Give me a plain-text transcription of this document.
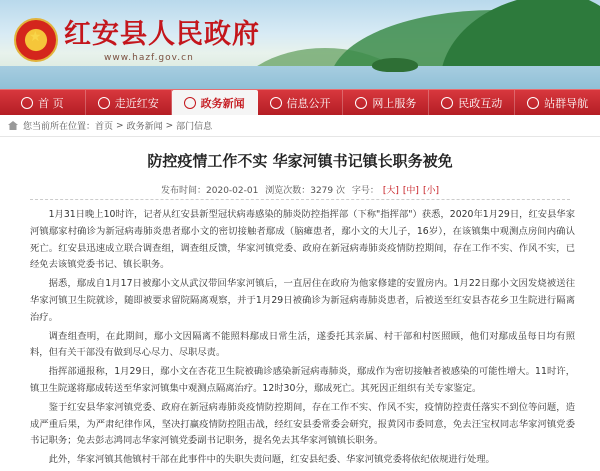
★ 红安县人民政府
www.hazf.gov.cn
首 页	走近红安	政务新闻	信息公开	网上服务	民政互动	站群导航
您当前所在位置： 首页 > 政务新闻 > 部门信息
防控疫情工作不实 华家河镇书记镇长职务被免
发布时间：2020-02-01 浏览次数：3279 次 字号： [大] [中] [小]

1月31日晚上10时许，记者从红安县新型冠状病毒感染的肺炎防控指挥部（下称"指挥部"）获悉，2020年1月29日，红安县华家河镇鄢家村确诊为新冠病毒肺炎患者鄢小文的密切接触者鄢成（脑瘫患者，鄢小文的大儿子，16岁），在该镇集中观测点房间内确认死亡。红安县迅速成立联合调查组，调查组反馈，华家河镇党委、政府在新冠病毒肺炎疫情防控期间，存在工作不实、作风不实，已经免去该镇党委书记、镇长职务。

据悉，鄢成自1月17日被鄢小文从武汉带回华家河镇后，一直居住在政府为他家修建的安置房内。1月22日鄢小文因发烧被送往华家河镇卫生院就诊，随即被要求留院隔离观察，并于1月29日被确诊为新冠病毒肺炎患者，后被送至红安县杏花乡卫生院进行隔离治疗。

调查组查明，在此期间，鄢小文因隔离不能照料鄢成日常生活，遂委托其亲属、村干部和村医照顾，他们对鄢成虽每日均有照料，但有关干部没有做到尽心尽力、尽职尽责。

指挥部通报称，1月29日，鄢小文在杏花卫生院被确诊感染新冠病毒肺炎，鄢成作为密切接触者被感染的可能性增大。11时许，镇卫生院遂将鄢成转送至华家河镇集中观测点隔离治疗。12时30分，鄢成死亡。其死因正组织有关专家鉴定。

鉴于红安县华家河镇党委、政府在新冠病毒肺炎疫情防控期间，存在工作不实、作风不实，疫情防控责任落实不到位等问题，造成严重后果，为严肃纪律作风，坚决打赢疫情防控阻击战，经红安县委常委会研究，报黄冈市委同意，免去汪宝权同志华家河镇党委书记职务；免去彭志鸿同志华家河镇党委副书记职务，提名免去其华家河镇镇长职务。

此外，华家河镇其他镇村干部在此事件中的失职失责问题，红安县纪委、华家河镇党委将依纪依规进行处理。
